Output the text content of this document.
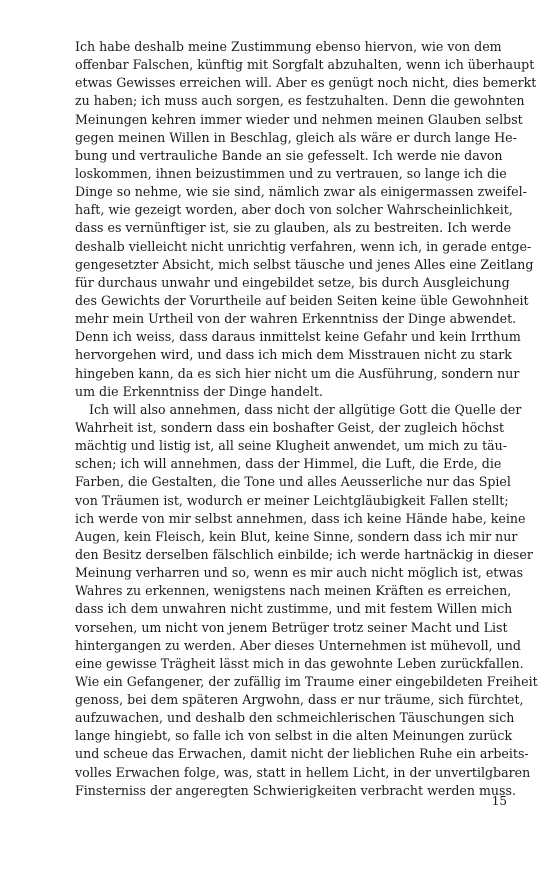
Ich habe deshalb meine Zustimmung ebenso hiervon, wie von dem
offenbar Falschen, künftig mit Sorgfalt abzuhalten, wenn ich überhaupt
etwas Gewisses erreichen will. Aber es genügt noch nicht, dies bemerkt
zu haben; ich muss auch sorgen, es festzuhalten. Denn die gewohnten
Meinungen kehren immer wieder und nehmen meinen Glauben selbst
gegen meinen Willen in Beschlag, gleich als wäre er durch lange He-
bung und vertrauliche Bande an sie gefesselt. Ich werde nie davon
loskommen, ihnen beizustimmen und zu vertrauen, so lange ich die
Dinge so nehme, wie sie sind, nämlich zwar als einigermassen zweifel-
haft, wie gezeigt worden, aber doch von solcher Wahrscheinlichkeit,
dass es vernünftiger ist, sie zu glauben, als zu bestreiten. Ich werde
deshalb vielleicht nicht unrichtig verfahren, wenn ich, in gerade entge-
gengesetzter Absicht, mich selbst täusche und jenes Alles eine Zeitlang
für durchaus unwahr und eingebildet setze, bis durch Ausgleichung
des Gewichts der Vorurtheile auf beiden Seiten keine üble Gewohnheit
mehr mein Urtheil von der wahren Erkenntniss der Dinge abwendet.
Denn ich weiss, dass daraus inmittelst keine Gefahr und kein Irrthum
hervorgehen wird, und dass ich mich dem Misstrauen nicht zu stark
hingeben kann, da es sich hier nicht um die Ausführung, sondern nur
um die Erkenntniss der Dinge handelt.
Ich will also annehmen, dass nicht der allgütige Gott die Quelle der
Wahrheit ist, sondern dass ein boshafter Geist, der zugleich höchst
mächtig und listig ist, all seine Klugheit anwendet, um mich zu täu-
schen; ich will annehmen, dass der Himmel, die Luft, die Erde, die
Farben, die Gestalten, die Tone und alles Aeusserliche nur das Spiel
von Träumen ist, wodurch er meiner Leichtgläubigkeit Fallen stellt;
ich werde von mir selbst annehmen, dass ich keine Hände habe, keine
Augen, kein Fleisch, kein Blut, keine Sinne, sondern dass ich mir nur
den Besitz derselben fälschlich einbilde; ich werde hartnäckig in dieser
Meinung verharren und so, wenn es mir auch nicht möglich ist, etwas
Wahres zu erkennen, wenigstens nach meinen Kräften es erreichen,
dass ich dem unwahren nicht zustimme, und mit festem Willen mich
vorsehen, um nicht von jenem Betrüger trotz seiner Macht und List
hintergangen zu werden. Aber dieses Unternehmen ist mühevoll, und
eine gewisse Trägheit lässt mich in das gewohnte Leben zurückfallen.
Wie ein Gefangener, der zufällig im Traume einer eingebildeten Freiheit
genoss, bei dem späteren Argwohn, dass er nur träume, sich fürchtet,
aufzuwachen, und deshalb den schmeichlerischen Täuschungen sich
lange hingiebt, so falle ich von selbst in die alten Meinungen zurück
und scheue das Erwachen, damit nicht der lieblichen Ruhe ein arbeits-
volles Erwachen folge, was, statt in hellem Licht, in der unvertilgbaren
Finsterniss der angeregten Schwierigkeiten verbracht werden muss.
15
